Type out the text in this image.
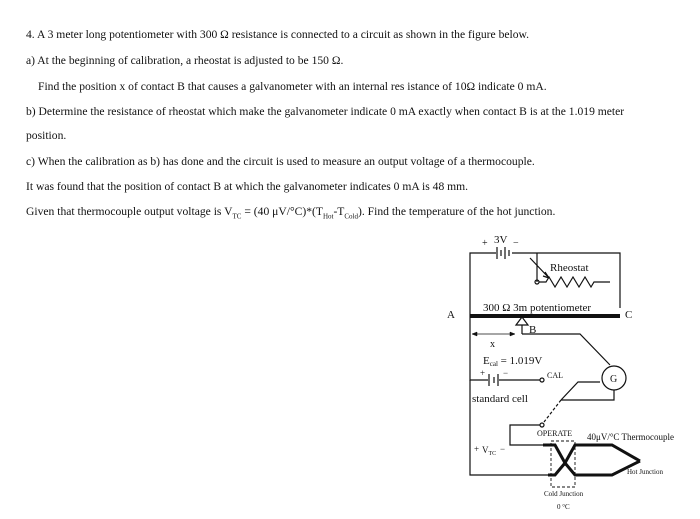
4. A 3 meter long potentiometer with 300 Ω resistance is connected to a circuit as shown in the figure below.
a) At the beginning of calibration, a rheostat is adjusted to be 150 Ω.
Find the position x of contact B that causes a galvanometer with an internal res istance of 10Ω indicate 0 mA.
b) Determine the resistance of rheostat which make the galvanometer indicate 0 mA exactly when contact B is at the 1.019 meter
position.
c) When the calibration as b) has done and the circuit is used to measure an output voltage of a thermocouple.
It was found that the position of contact B at which the galvanometer indicates 0 mA is 48 mm.
Given that thermocouple output voltage is $V_{TC} = (40$ $\mu V/^\circ C)*(T_{Hot}-T_{Cold})$. Find the temperature of the hot junction.
+ 3V −
Rheostat
300 Ω 3m potentiometer
A	C
B
x
Ecal = 1.019V
+ −	CAL
standard cell
G
OPERATE 40μV/°C Thermocouple
+ $V_{TC}$ −
Hot Junction
Cold Junction
0 °C
